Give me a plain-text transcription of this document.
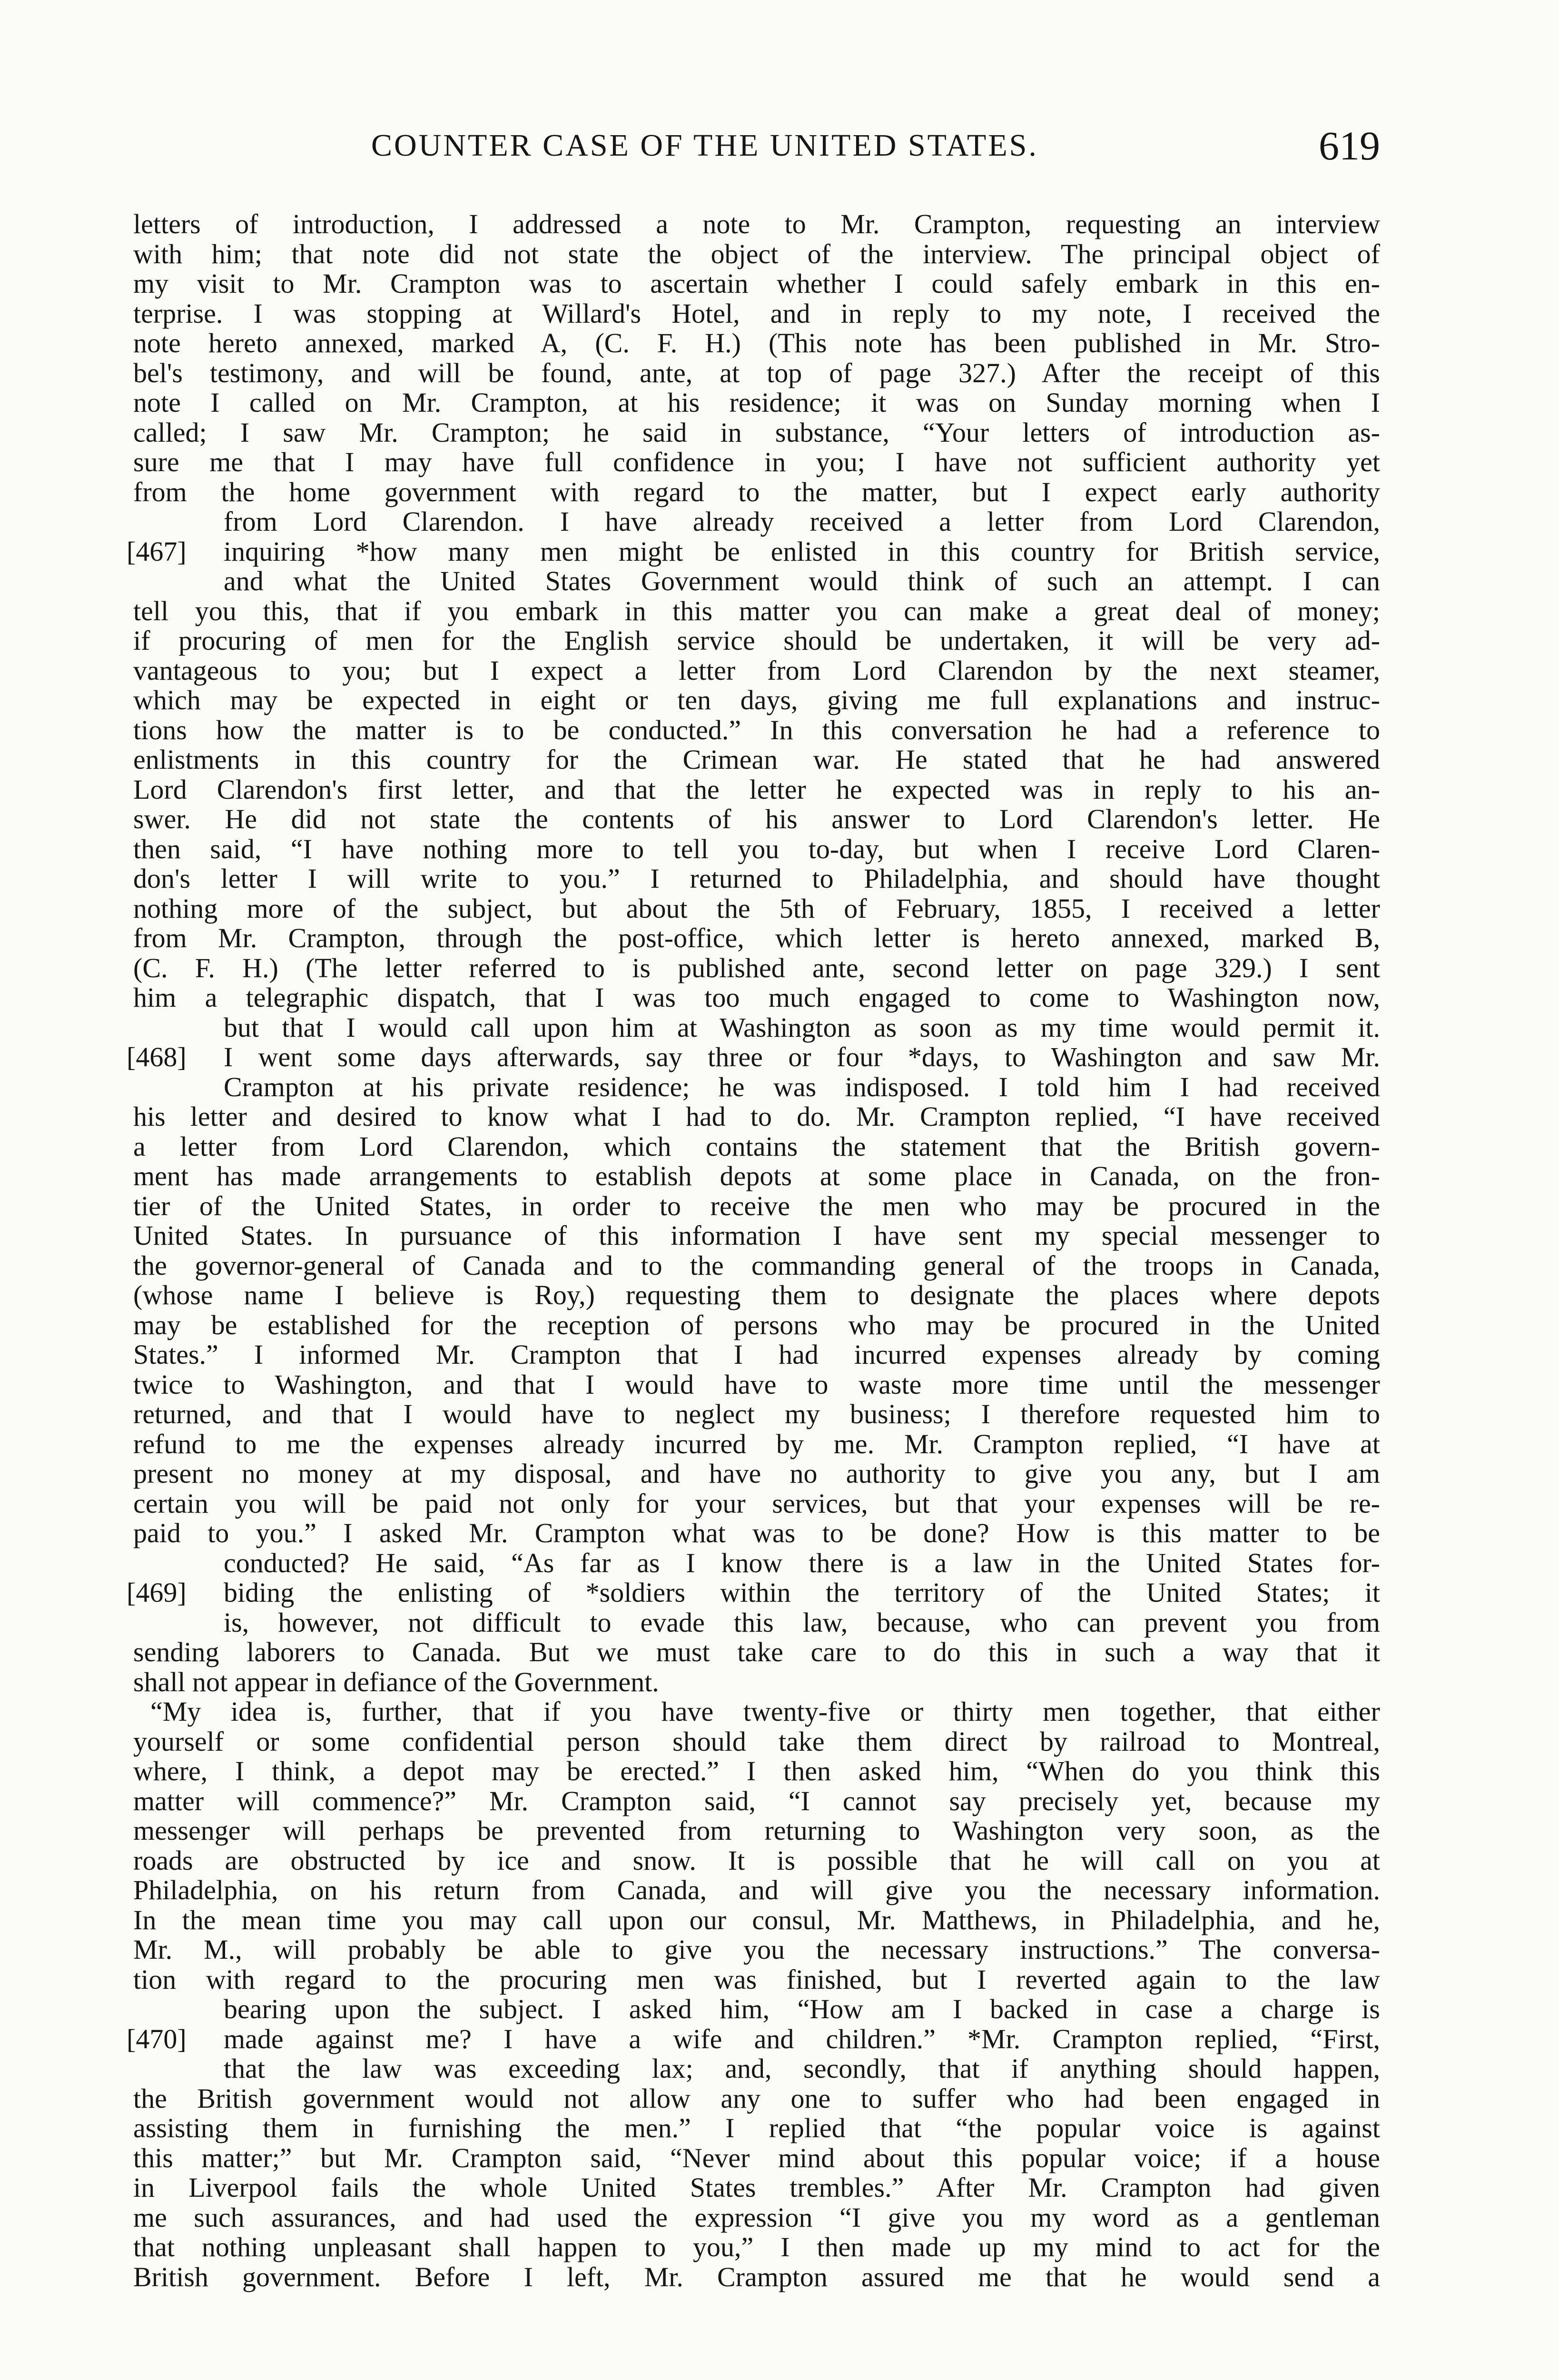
COUNTER CASE OF THE UNITED STATES.	619
letters of introduction, I addressed a note to Mr. Crampton, requesting an interview
with him; that note did not state the object of the interview. The principal object of
my visit to Mr. Crampton was to ascertain whether I could safely embark in this en-
terprise. I was stopping at Willard's Hotel, and in reply to my note, I received the
note hereto annexed, marked A, (C. F. H.) (This note has been published in Mr. Stro-
bel's testimony, and will be found, ante, at top of page 327.) After the receipt of this
note I called on Mr. Crampton, at his residence; it was on Sunday morning when I
called; I saw Mr. Crampton; he said in substance, “Your letters of introduction as-
sure me that I may have full confidence in you; I have not sufficient authority yet
from the home government with regard to the matter, but I expect early authority
from Lord Clarendon. I have already received a letter from Lord Clarendon,
[467] inquiring *how many men might be enlisted in this country for British service,
and what the United States Government would think of such an attempt. I can
tell you this, that if you embark in this matter you can make a great deal of money;
if procuring of men for the English service should be undertaken, it will be very ad-
vantageous to you; but I expect a letter from Lord Clarendon by the next steamer,
which may be expected in eight or ten days, giving me full explanations and instruc-
tions how the matter is to be conducted.” In this conversation he had a reference to
enlistments in this country for the Crimean war. He stated that he had answered
Lord Clarendon's first letter, and that the letter he expected was in reply to his an-
swer. He did not state the contents of his answer to Lord Clarendon's letter. He
then said, “I have nothing more to tell you to-day, but when I receive Lord Claren-
don's letter I will write to you.” I returned to Philadelphia, and should have thought
nothing more of the subject, but about the 5th of February, 1855, I received a letter
from Mr. Crampton, through the post-office, which letter is hereto annexed, marked B,
(C. F. H.) (The letter referred to is published ante, second letter on page 329.) I sent
him a telegraphic dispatch, that I was too much engaged to come to Washington now,
but that I would call upon him at Washington as soon as my time would permit it.
[468] I went some days afterwards, say three or four *days, to Washington and saw Mr.
Crampton at his private residence; he was indisposed. I told him I had received
his letter and desired to know what I had to do. Mr. Crampton replied, “I have received
a letter from Lord Clarendon, which contains the statement that the British govern-
ment has made arrangements to establish depots at some place in Canada, on the fron-
tier of the United States, in order to receive the men who may be procured in the
United States. In pursuance of this information I have sent my special messenger to
the governor-general of Canada and to the commanding general of the troops in Canada,
(whose name I believe is Roy,) requesting them to designate the places where depots
may be established for the reception of persons who may be procured in the United
States.” I informed Mr. Crampton that I had incurred expenses already by coming
twice to Washington, and that I would have to waste more time until the messenger
returned, and that I would have to neglect my business; I therefore requested him to
refund to me the expenses already incurred by me. Mr. Crampton replied, “I have at
present no money at my disposal, and have no authority to give you any, but I am
certain you will be paid not only for your services, but that your expenses will be re-
paid to you.” I asked Mr. Crampton what was to be done? How is this matter to be
conducted? He said, “As far as I know there is a law in the United States for-
[469] biding the enlisting of *soldiers within the territory of the United States; it
is, however, not difficult to evade this law, because, who can prevent you from
sending laborers to Canada. But we must take care to do this in such a way that it
shall not appear in defiance of the Government.
“My idea is, further, that if you have twenty-five or thirty men together, that either
yourself or some confidential person should take them direct by railroad to Montreal,
where, I think, a depot may be erected.” I then asked him, “When do you think this
matter will commence?” Mr. Crampton said, “I cannot say precisely yet, because my
messenger will perhaps be prevented from returning to Washington very soon, as the
roads are obstructed by ice and snow. It is possible that he will call on you at
Philadelphia, on his return from Canada, and will give you the necessary information.
In the mean time you may call upon our consul, Mr. Matthews, in Philadelphia, and he,
Mr. M., will probably be able to give you the necessary instructions.” The conversa-
tion with regard to the procuring men was finished, but I reverted again to the law
bearing upon the subject. I asked him, “How am I backed in case a charge is
[470] made against me? I have a wife and children.” *Mr. Crampton replied, “First,
that the law was exceeding lax; and, secondly, that if anything should happen,
the British government would not allow any one to suffer who had been engaged in
assisting them in furnishing the men.” I replied that “the popular voice is against
this matter;” but Mr. Crampton said, “Never mind about this popular voice; if a house
in Liverpool fails the whole United States trembles.” After Mr. Crampton had given
me such assurances, and had used the expression “I give you my word as a gentleman
that nothing unpleasant shall happen to you,” I then made up my mind to act for the
British government. Before I left, Mr. Crampton assured me that he would send a
